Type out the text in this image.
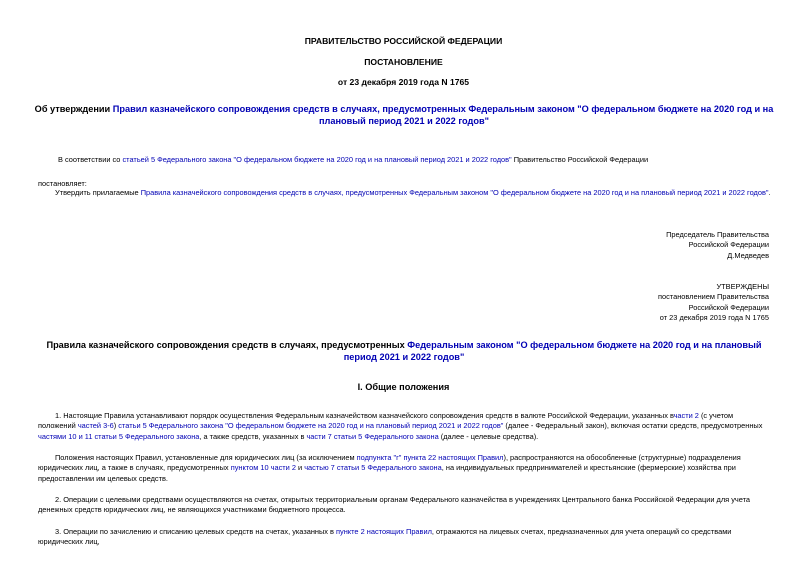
ПРАВИТЕЛЬСТВО РОССИЙСКОЙ ФЕДЕРАЦИИ
ПОСТАНОВЛЕНИЕ
от 23 декабря 2019 года N 1765
Об утверждении Правил казначейского сопровождения средств в случаях, предусмотренных Федеральным законом "О федеральном бюджете на 2020 год и на плановый период 2021 и 2022 годов"
В соответствии со статьей 5 Федерального закона "О федеральном бюджете на 2020 год и на плановый период 2021 и 2022 годов" Правительство Российской Федерации
постановляет:
Утвердить прилагаемые Правила казначейского сопровождения средств в случаях, предусмотренных Федеральным законом "О федеральном бюджете на 2020 год и на плановый период 2021 и 2022 годов".

Председатель Правительства

Российской Федерации

Д.Медведев

УТВЕРЖДЕНЫ

постановлением Правительства

Российской Федерации

от 23 декабря 2019 года N 1765

Правила казначейского сопровождения средств в случаях, предусмотренных Федеральным законом "О федеральном бюджете на 2020 год и на плановый период 2021 и 2022 годов"
I. Общие положения
1. Настоящие Правила устанавливают порядок осуществления Федеральным казначейством казначейского сопровождения средств в валюте Российской Федерации, указанных вчасти 2 (с учетом положений частей 3-6) статьи 5 Федерального закона "О федеральном бюджете на 2020 год и на плановый период 2021 и 2022 годов" (далее - Федеральный закон), включая остатки средств, предусмотренных частями 10 и 11 статьи 5 Федерального закона, а также средств, указанных в части 7 статьи 5 Федерального закона (далее - целевые средства).
Положения настоящих Правил, установленные для юридических лиц (за исключением подпункта "г" пункта 22 настоящих Правил), распространяются на обособленные (структурные) подразделения юридических лиц, а также в случаях, предусмотренных пунктом 10 части 2 и частью 7 статьи 5 Федерального закона, на индивидуальных предпринимателей и крестьянские (фермерские) хозяйства при предоставлении им целевых средств.
2. Операции с целевыми средствами осуществляются на счетах, открытых территориальным органам Федерального казначейства в учреждениях Центрального банка Российской Федерации для учета денежных средств юридических лиц, не являющихся участниками бюджетного процесса.
3. Операции по зачислению и списанию целевых средств на счетах, указанных в пункте 2 настоящих Правил, отражаются на лицевых счетах, предназначенных для учета операций со средствами юридических лиц,
